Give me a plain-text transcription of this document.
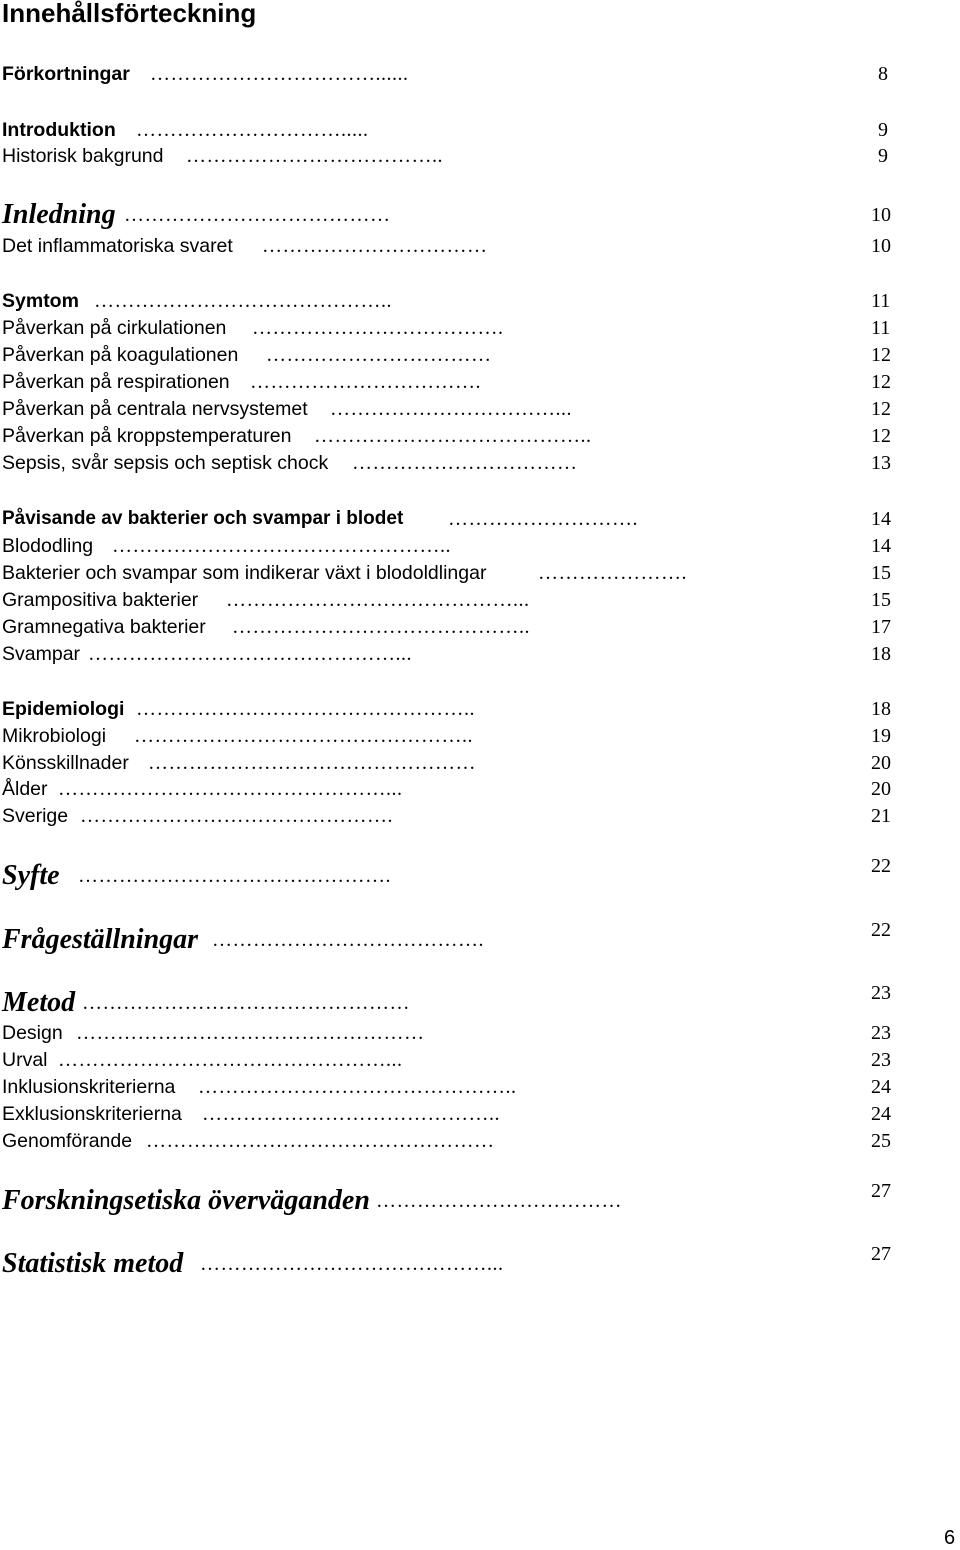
Innehållsförteckning
Förkortningar ……………………………......	8
Introduktion ………………………….....	9
Historisk bakgrund ………………………………..	9
Inledning …………………………………	10
Det inflammatoriska svaret ……………………………	10
Symtom ……………………………………..	11
Påverkan på cirkulationen ……………………………….	11
Påverkan på koagulationen ……………………………	12
Påverkan på respirationen …………………………….	12
Påverkan på centrala nervsystemet ……………………………...	12
Påverkan på kroppstemperaturen …………………………………..	12
Sepsis, svår sepsis och septisk chock ……………………………	13
Påvisande av bakterier och svampar i blodet ……………………….	14
Blododling …………………………………………..	14
Bakterier och svampar som indikerar växt i blodoldlingar	………………….	15
Grampositiva bakterier ……………………………………...	15
Gramnegativa bakterier ……………………………………..	17
Svampar ………………………………………...	18
Epidemiologi …………………………………………..	18
Mikrobiologi …………………………………………..	19
Könsskillnader …………………………………………	20
Ålder …………………………………………...	20
Sverige ……………………………………….	21
Syfte ……………………………………….	22
Frågeställningar ………………………………….	22
Metod …………………………………………	23
Design ……………………………………………	23
Urval …………………………………………...	23
Inklusionskriterierna ………………………………………..	24
Exklusionskriterierna ……………………………………..	24
Genomförande ……………………………………………	25
Forskningsetiska överväganden ………………………………	27
Statistisk metod ……………………………………...	27
6
